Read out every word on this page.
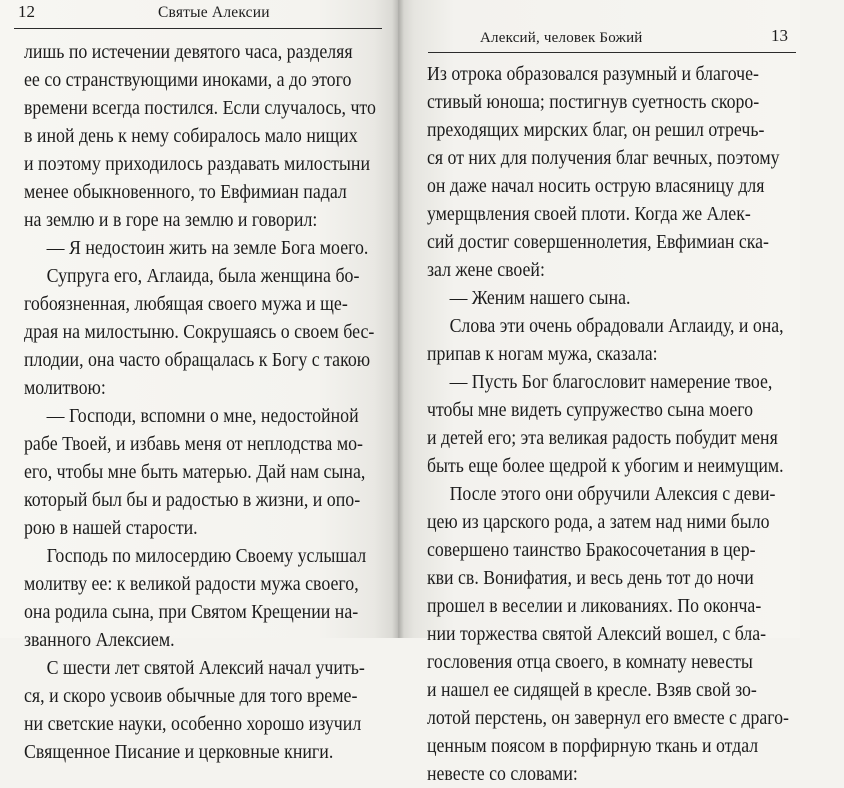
12	Святые Алексии
лишь по истечении девятого часа, разделяя
ее со странствующими иноками, а до этого
времени всегда постился. Если случалось, что
в иной день к нему собиралось мало нищих
и поэтому приходилось раздавать милостыни
менее обыкновенного, то Евфимиан падал
на землю и в горе на землю и говорил:
— Я недостоин жить на земле Бога моего.
Супруга его, Аглаида, была женщина бо-
гобоязненная, любящая своего мужа и ще-
драя на милостыню. Сокрушаясь о своем бес-
плодии, она часто обращалась к Богу с такою
молитвою:
— Господи, вспомни о мне, недостойной
рабе Твоей, и избавь меня от неплодства мо-
его, чтобы мне быть матерью. Дай нам сына,
который был бы и радостью в жизни, и опо-
рою в нашей старости.
Господь по милосердию Своему услышал
молитву ее: к великой радости мужа своего,
она родила сына, при Святом Крещении на-
званного Алексием.
С шести лет святой Алексий начал учить-
ся, и скоро усвоив обычные для того време-
ни светские науки, особенно хорошо изучил
Священное Писание и церковные книги.
Алексий, человек Божий	13
Из отрока образовался разумный и благоче-
стивый юноша; постигнув суетность скоро-
преходящих мирских благ, он решил отречь-
ся от них для получения благ вечных, поэтому
он даже начал носить острую власяницу для
умерщвления своей плоти. Когда же Алек-
сий достиг совершеннолетия, Евфимиан ска-
зал жене своей:
— Женим нашего сына.
Слова эти очень обрадовали Аглаиду, и она,
припав к ногам мужа, сказала:
— Пусть Бог благословит намерение твое,
чтобы мне видеть супружество сына моего
и детей его; эта великая радость побудит меня
быть еще более щедрой к убогим и неимущим.
После этого они обручили Алексия с деви-
цею из царского рода, а затем над ними было
совершено таинство Бракосочетания в цер-
кви св. Вонифатия, и весь день тот до ночи
прошел в веселии и ликованиях. По оконча-
нии торжества святой Алексий вошел, с бла-
гословения отца своего, в комнату невесты
и нашел ее сидящей в кресле. Взяв свой зо-
лотой перстень, он завернул его вместе с драго-
ценным поясом в порфирную ткань и отдал
невесте со словами:
